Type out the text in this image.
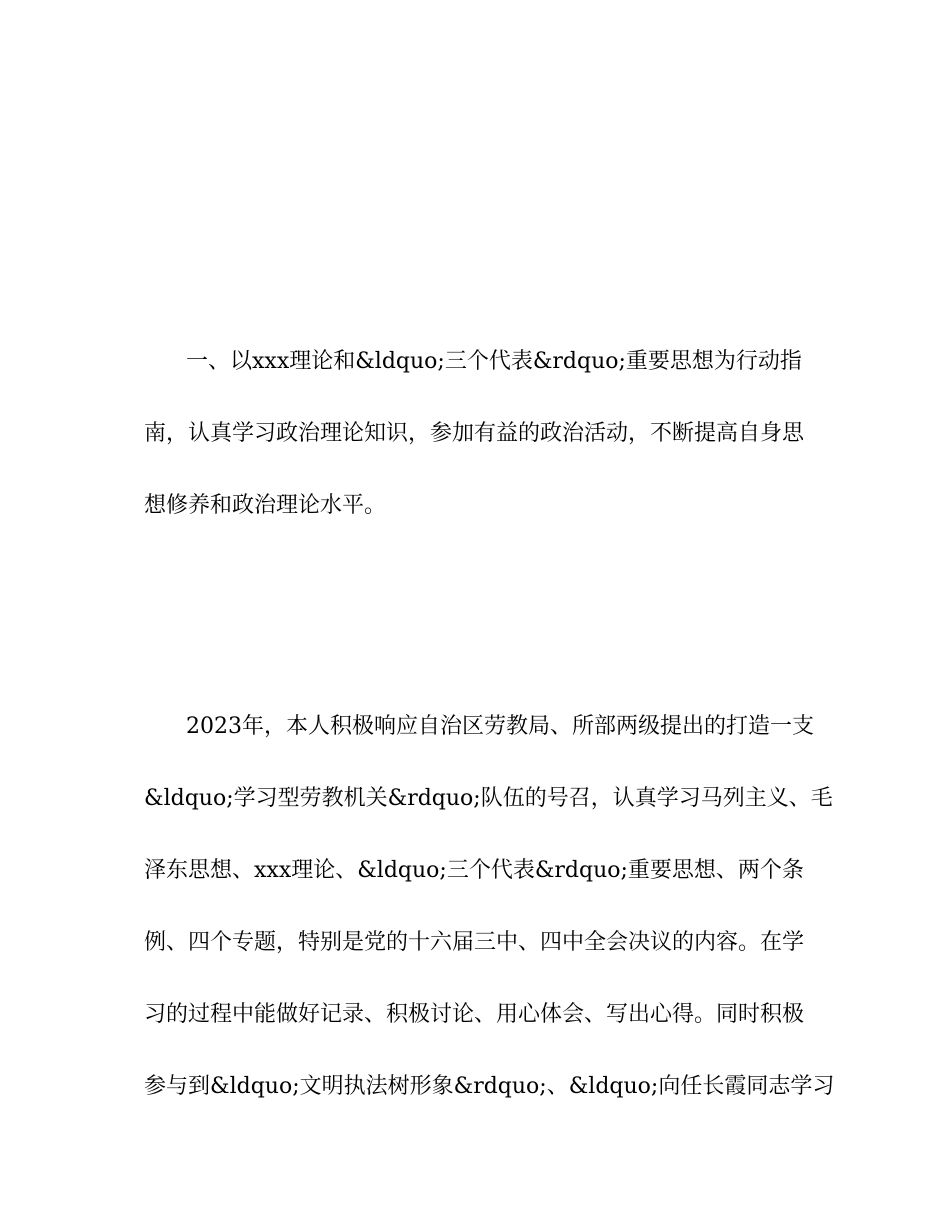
一、以xxx理论和&ldquo;三个代表&rdquo;重要思想为行动指
南，认真学习政治理论知识，参加有益的政治活动，不断提高自身思
想修养和政治理论水平。
2023年，本人积极响应自治区劳教局、所部两级提出的打造一支
&ldquo;学习型劳教机关&rdquo;队伍的号召，认真学习马列主义、毛
泽东思想、xxx理论、&ldquo;三个代表&rdquo;重要思想、两个条
例、四个专题，特别是党的十六届三中、四中全会决议的内容。在学
习的过程中能做好记录、积极讨论、用心体会、写出心得。同时积极
参与到&ldquo;文明执法树形象&rdquo;、&ldquo;向任长霞同志学习
